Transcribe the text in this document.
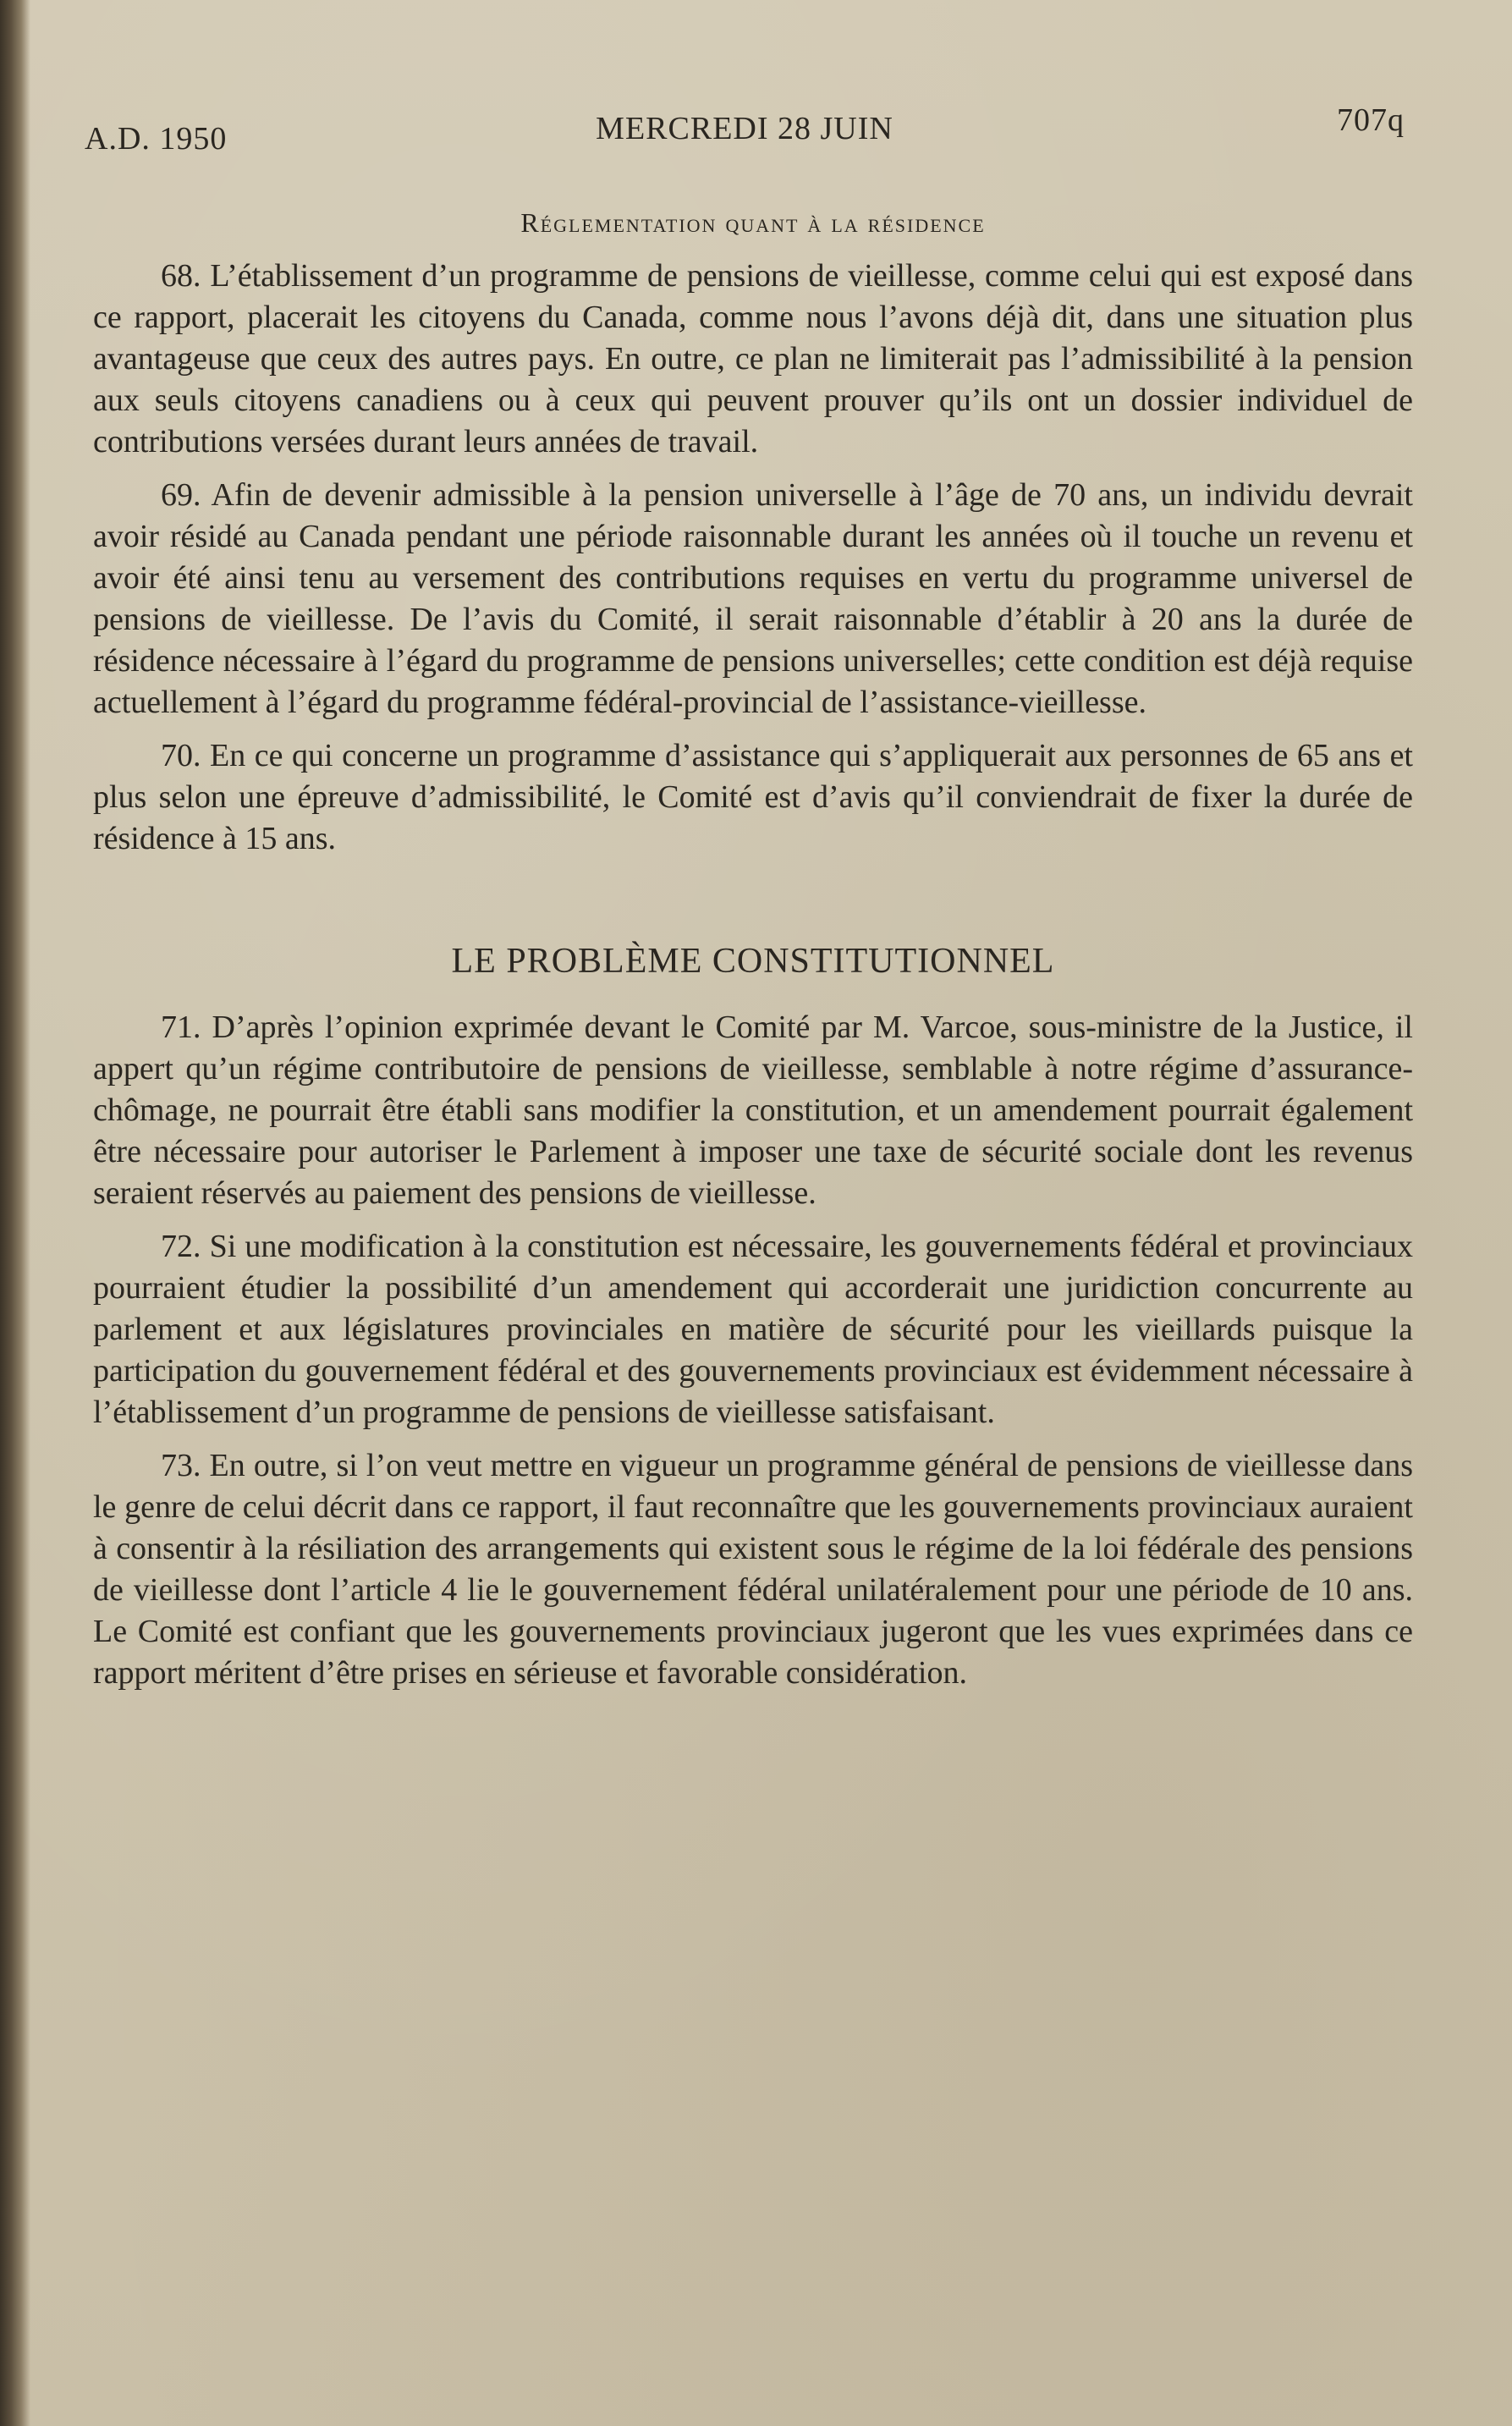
A.D. 1950	MERCREDI 28 JUIN	707q
Réglementation quant à la résidence

68. L’établissement d’un programme de pensions de vieillesse, comme celui qui est exposé dans ce rapport, placerait les citoyens du Canada, comme nous l’avons déjà dit, dans une situation plus avantageuse que ceux des autres pays. En outre, ce plan ne limiterait pas l’admissibilité à la pension aux seuls citoyens canadiens ou à ceux qui peuvent prouver qu’ils ont un dossier individuel de contributions versées durant leurs années de travail.

69. Afin de devenir admissible à la pension universelle à l’âge de 70 ans, un individu devrait avoir résidé au Canada pendant une période raisonnable durant les années où il touche un revenu et avoir été ainsi tenu au versement des contributions requises en vertu du programme universel de pensions de vieillesse. De l’avis du Comité, il serait raisonnable d’établir à 20 ans la durée de résidence nécessaire à l’égard du programme de pensions universelles; cette condition est déjà requise actuellement à l’égard du programme fédéral-provincial de l’assistance-vieillesse.

70. En ce qui concerne un programme d’assistance qui s’appliquerait aux personnes de 65 ans et plus selon une épreuve d’admissibilité, le Comité est d’avis qu’il conviendrait de fixer la durée de résidence à 15 ans.

LE PROBLÈME CONSTITUTIONNEL

71. D’après l’opinion exprimée devant le Comité par M. Varcoe, sous-ministre de la Justice, il appert qu’un régime contributoire de pensions de vieillesse, semblable à notre régime d’assurance-chômage, ne pourrait être établi sans modifier la constitution, et un amendement pourrait également être nécessaire pour autoriser le Parlement à imposer une taxe de sécurité sociale dont les revenus seraient réservés au paiement des pensions de vieillesse.

72. Si une modification à la constitution est nécessaire, les gouvernements fédéral et provinciaux pourraient étudier la possibilité d’un amendement qui accorderait une juridiction concurrente au parlement et aux législatures provinciales en matière de sécurité pour les vieillards puisque la participation du gouvernement fédéral et des gouvernements provinciaux est évidemment nécessaire à l’établissement d’un programme de pensions de vieillesse satisfaisant.

73. En outre, si l’on veut mettre en vigueur un programme général de pensions de vieillesse dans le genre de celui décrit dans ce rapport, il faut reconnaître que les gouvernements provinciaux auraient à consentir à la résiliation des arrangements qui existent sous le régime de la loi fédérale des pensions de vieillesse dont l’article 4 lie le gouvernement fédéral unilatéralement pour une période de 10 ans. Le Comité est confiant que les gouvernements provinciaux jugeront que les vues exprimées dans ce rapport méritent d’être prises en sérieuse et favorable considération.
